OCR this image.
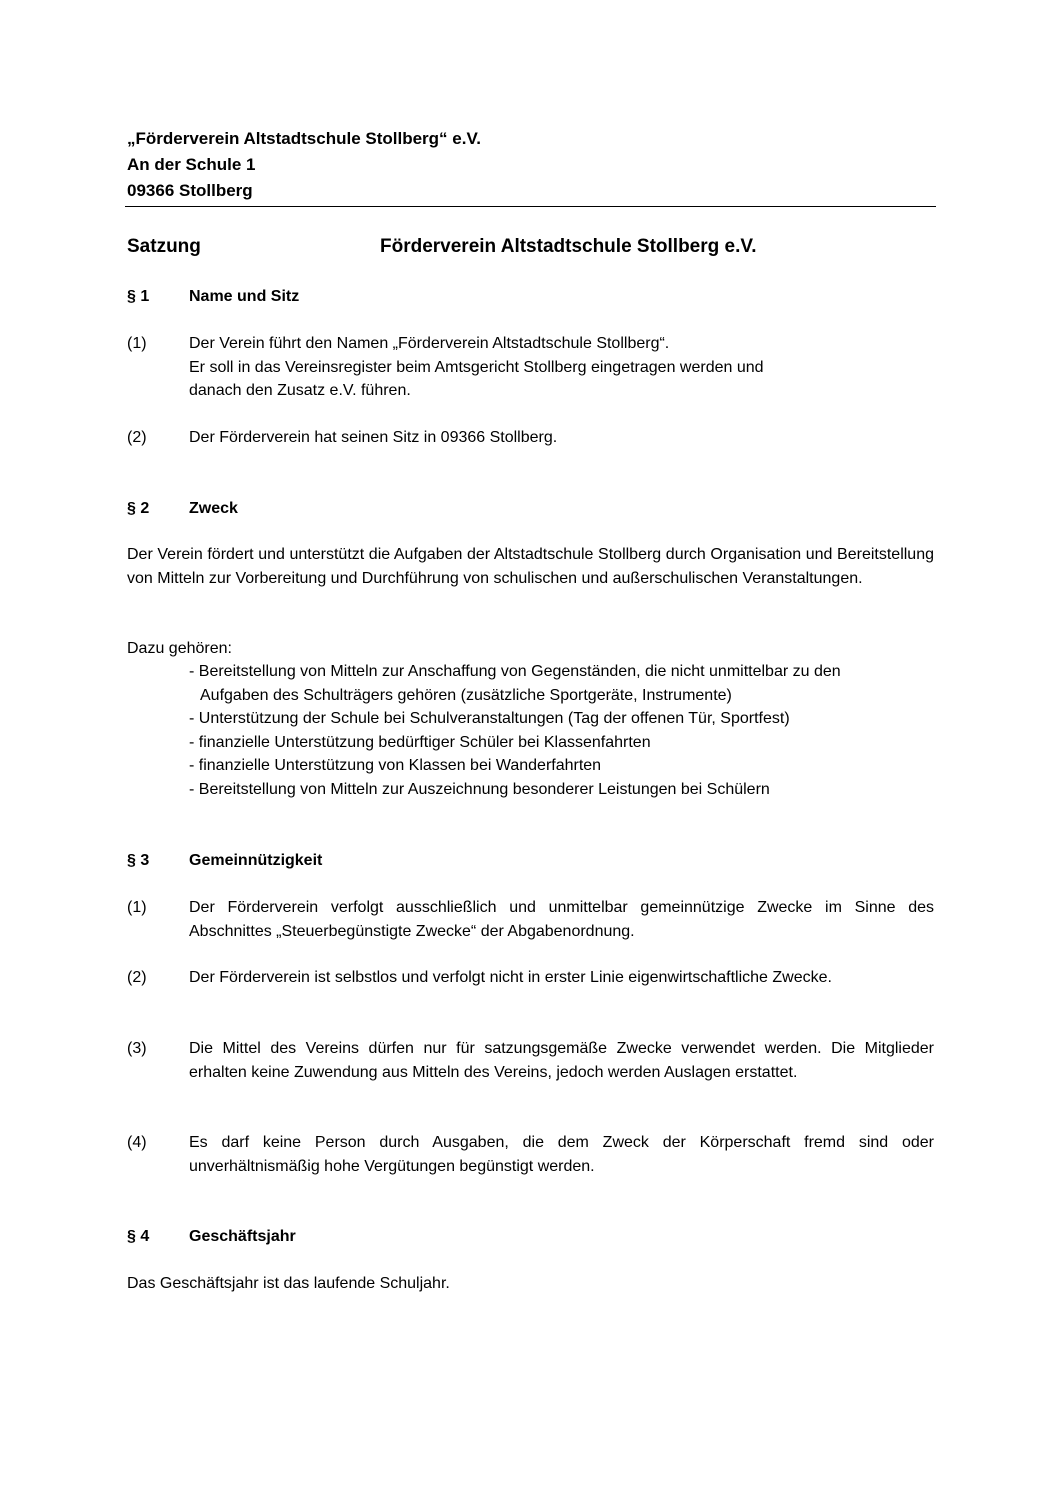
„Förderverein Altstadtschule Stollberg“ e.V.
An der Schule 1
09366 Stollberg
Satzung	Förderverein Altstadtschule Stollberg e.V.
§ 1 Name und Sitz
(1)	Der Verein führt den Namen „Förderverein Altstadtschule Stollberg“.
Er soll in das Vereinsregister beim Amtsgericht Stollberg eingetragen werden und
danach den Zusatz e.V. führen.
(2)	Der Förderverein hat seinen Sitz in 09366 Stollberg.
§ 2 Zweck
Der Verein fördert und unterstützt die Aufgaben der Altstadtschule Stollberg durch Organisation und Bereitstellung von Mitteln zur Vorbereitung und Durchführung von schulischen und außerschulischen Veranstaltungen.
Dazu gehören:
- Bereitstellung von Mitteln zur Anschaffung von Gegenständen, die nicht unmittelbar zu den
Aufgaben des Schulträgers gehören (zusätzliche Sportgeräte, Instrumente)
- Unterstützung der Schule bei Schulveranstaltungen (Tag der offenen Tür, Sportfest)
- finanzielle Unterstützung bedürftiger Schüler bei Klassenfahrten
- finanzielle Unterstützung von Klassen bei Wanderfahrten
- Bereitstellung von Mitteln zur Auszeichnung besonderer Leistungen bei Schülern
§ 3 Gemeinnützigkeit
(1)	Der Förderverein verfolgt ausschließlich und unmittelbar gemeinnützige Zwecke im Sinne des Abschnittes „Steuerbegünstigte Zwecke“ der Abgabenordnung.
(2)	Der Förderverein ist selbstlos und verfolgt nicht in erster Linie eigenwirtschaftliche Zwecke.
(3)	Die Mittel des Vereins dürfen nur für satzungsgemäße Zwecke verwendet werden. Die Mitglieder erhalten keine Zuwendung aus Mitteln des Vereins, jedoch werden Auslagen erstattet.
(4)	Es darf keine Person durch Ausgaben, die dem Zweck der Körperschaft fremd sind oder unverhältnismäßig hohe Vergütungen begünstigt werden.
§ 4 Geschäftsjahr
Das Geschäftsjahr ist das laufende Schuljahr.
